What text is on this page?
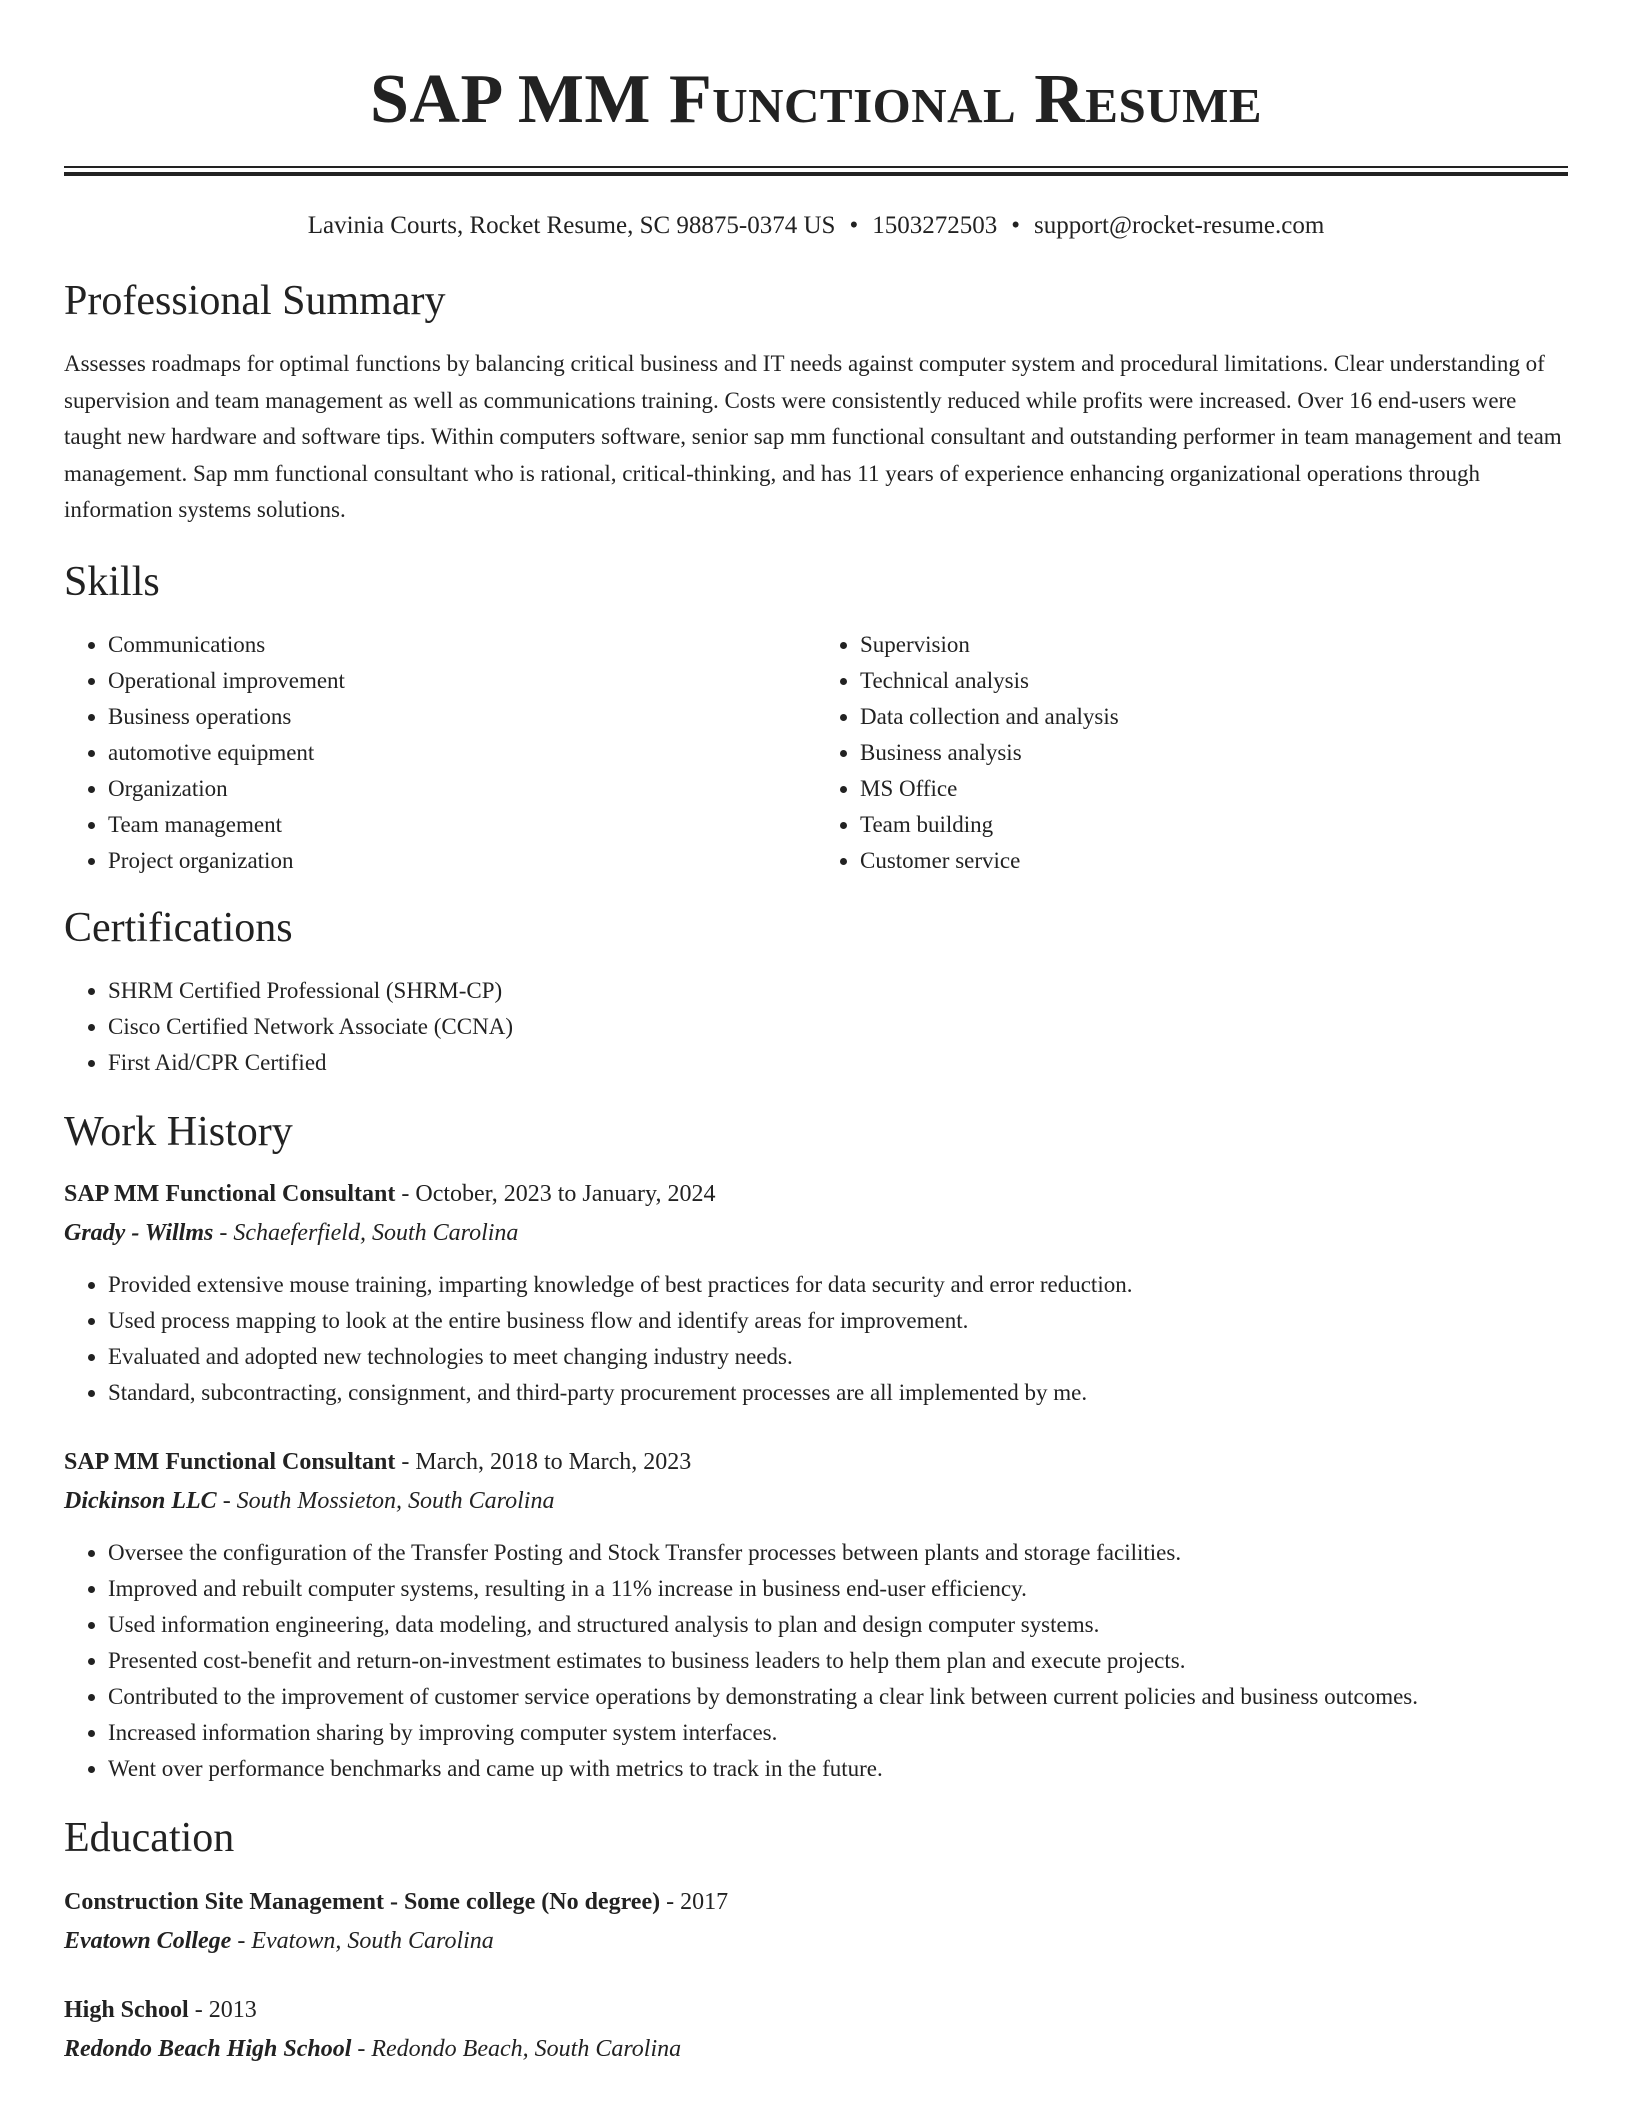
SAP MM Functional Resume
Lavinia Courts, Rocket Resume, SC 98875-0374 US • 1503272503 • support@rocket-resume.com
Professional Summary
Assesses roadmaps for optimal functions by balancing critical business and IT needs against computer system and procedural limitations. Clear understanding of supervision and team management as well as communications training. Costs were consistently reduced while profits were increased. Over 16 end-users were taught new hardware and software tips. Within computers software, senior sap mm functional consultant and outstanding performer in team management and team management. Sap mm functional consultant who is rational, critical-thinking, and has 11 years of experience enhancing organizational operations through information systems solutions.
Skills
• Communications
• Operational improvement
• Business operations
• automotive equipment
• Organization
• Team management
• Project organization
• Supervision
• Technical analysis
• Data collection and analysis
• Business analysis
• MS Office
• Team building
• Customer service
Certifications
• SHRM Certified Professional (SHRM-CP)
• Cisco Certified Network Associate (CCNA)
• First Aid/CPR Certified
Work History
SAP MM Functional Consultant - October, 2023 to January, 2024
Grady - Willms - Schaeferfield, South Carolina
• Provided extensive mouse training, imparting knowledge of best practices for data security and error reduction.
• Used process mapping to look at the entire business flow and identify areas for improvement.
• Evaluated and adopted new technologies to meet changing industry needs.
• Standard, subcontracting, consignment, and third-party procurement processes are all implemented by me.
SAP MM Functional Consultant - March, 2018 to March, 2023
Dickinson LLC - South Mossieton, South Carolina
• Oversee the configuration of the Transfer Posting and Stock Transfer processes between plants and storage facilities.
• Improved and rebuilt computer systems, resulting in a 11% increase in business end-user efficiency.
• Used information engineering, data modeling, and structured analysis to plan and design computer systems.
• Presented cost-benefit and return-on-investment estimates to business leaders to help them plan and execute projects.
• Contributed to the improvement of customer service operations by demonstrating a clear link between current policies and business outcomes.
• Increased information sharing by improving computer system interfaces.
• Went over performance benchmarks and came up with metrics to track in the future.
Education
Construction Site Management - Some college (No degree) - 2017
Evatown College - Evatown, South Carolina
High School - 2013
Redondo Beach High School - Redondo Beach, South Carolina
